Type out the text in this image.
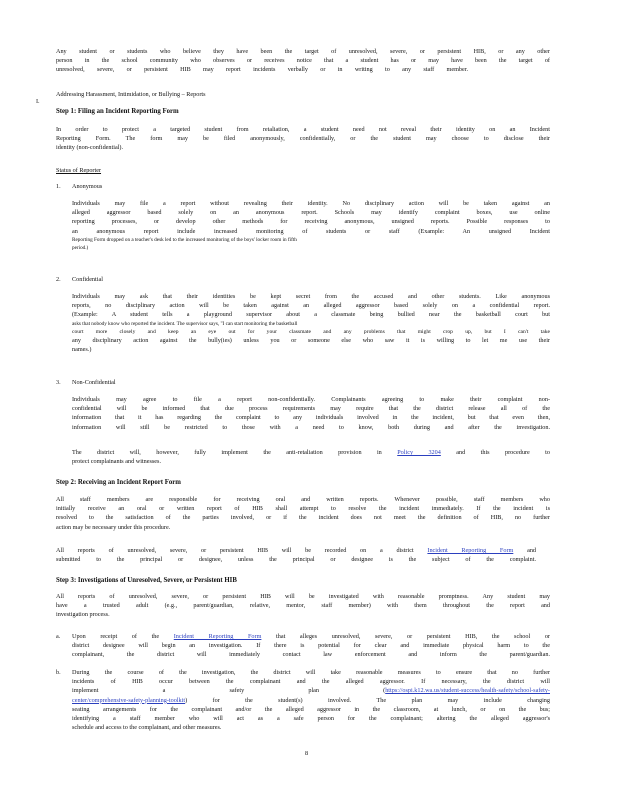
Any student or students who believe they have been the target of unresolved, severe, or persistent HIB, or any other

person in the school community who observes or receives notice that a student has or may have been the target of

unresolved, severe, or persistent HIB may report incidents verbally or in writing to any staff member.

I.
Addressing Harassment, Intimidation, or Bullying – Reports

Step 1: Filing an Incident Reporting Form

In order to protect a targeted student from retaliation, a student need not reveal their identity on an Incident

Reporting Form. The form may be filed anonymously, confidentially, or the student may choose to disclose their

identity (non-confidential).

Status of Reporter

1. Anonymous

Individuals may file a report without revealing their identity. No disciplinary action will be taken against an

alleged aggressor based solely on an anonymous report. Schools may identify complaint boxes, use online

reporting processes, or develop other methods for receiving anonymous, unsigned reports. Possible responses to

an anonymous report include increased monitoring of students or staff (Example: An unsigned Incident

Reporting Form dropped on a teacher's desk led to the increased monitoring of the boys' locker room in fifth

period.)

2. Confidential

Individuals may ask that their identities be kept secret from the accused and other students. Like anonymous

reports, no disciplinary action will be taken against an alleged aggressor based solely on a confidential report.

(Example: A student tells a playground supervisor about a classmate being bullied near the basketball court but

asks that nobody know who reported the incident. The supervisor says, "I can start monitoring the basketball

court more closely and keep an eye out for your classmate and any problems that might crop up, but I can't take

any disciplinary action against the bully(ies) unless you or someone else who saw it is willing to let me use their

names.)

3. Non-Confidential

Individuals may agree to file a report non-confidentially. Complainants agreeing to make their complaint non-

confidential will be informed that due process requirements may require that the district release all of the

information that it has regarding the complaint to any individuals involved in the incident, but that even then,

information will still be restricted to those with a need to know, both during and after the investigation.

The district will, however, fully implement the anti-retaliation provision in Policy 3204 and this procedure to

protect complainants and witnesses.

Step 2: Receiving an Incident Report Form

All staff members are responsible for receiving oral and written reports. Whenever possible, staff members who

initially receive an oral or written report of HIB shall attempt to resolve the incident immediately. If the incident is

resolved to the satisfaction of the parties involved, or if the incident does not meet the definition of HIB, no further

action may be necessary under this procedure.

All reports of unresolved, severe, or persistent HIB will be recorded on a district Incident Reporting Form and

submitted to the principal or designee, unless the principal or designee is the subject of the complaint.

Step 3: Investigations of Unresolved, Severe, or Persistent HIB

All reports of unresolved, severe, or persistent HIB will be investigated with reasonable promptness. Any student may

have a trusted adult (e.g., parent/guardian, relative, mentor, staff member) with them throughout the report and

investigation process.

a. Upon receipt of the Incident Reporting Form that alleges unresolved, severe, or persistent HIB, the school or

district designee will begin an investigation. If there is potential for clear and immediate physical harm to the

complainant, the district will immediately contact law enforcement and inform the parent/guardian.

b. During the course of the investigation, the district will take reasonable measures to ensure that no further

incidents of HIB occur between the complainant and the alleged aggressor. If necessary, the district will

implement a safety plan (https://ospi.k12.wa.us/student-success/health-safety/school-safety-

center/comprehensive-safety-planning-toolkit) for the student(s) involved. The plan may include changing

seating arrangements for the complainant and/or the alleged aggressor in the classroom, at lunch, or on the bus;

identifying a staff member who will act as a safe person for the complainant; altering the alleged aggressor's

schedule and access to the complainant, and other measures.

8
